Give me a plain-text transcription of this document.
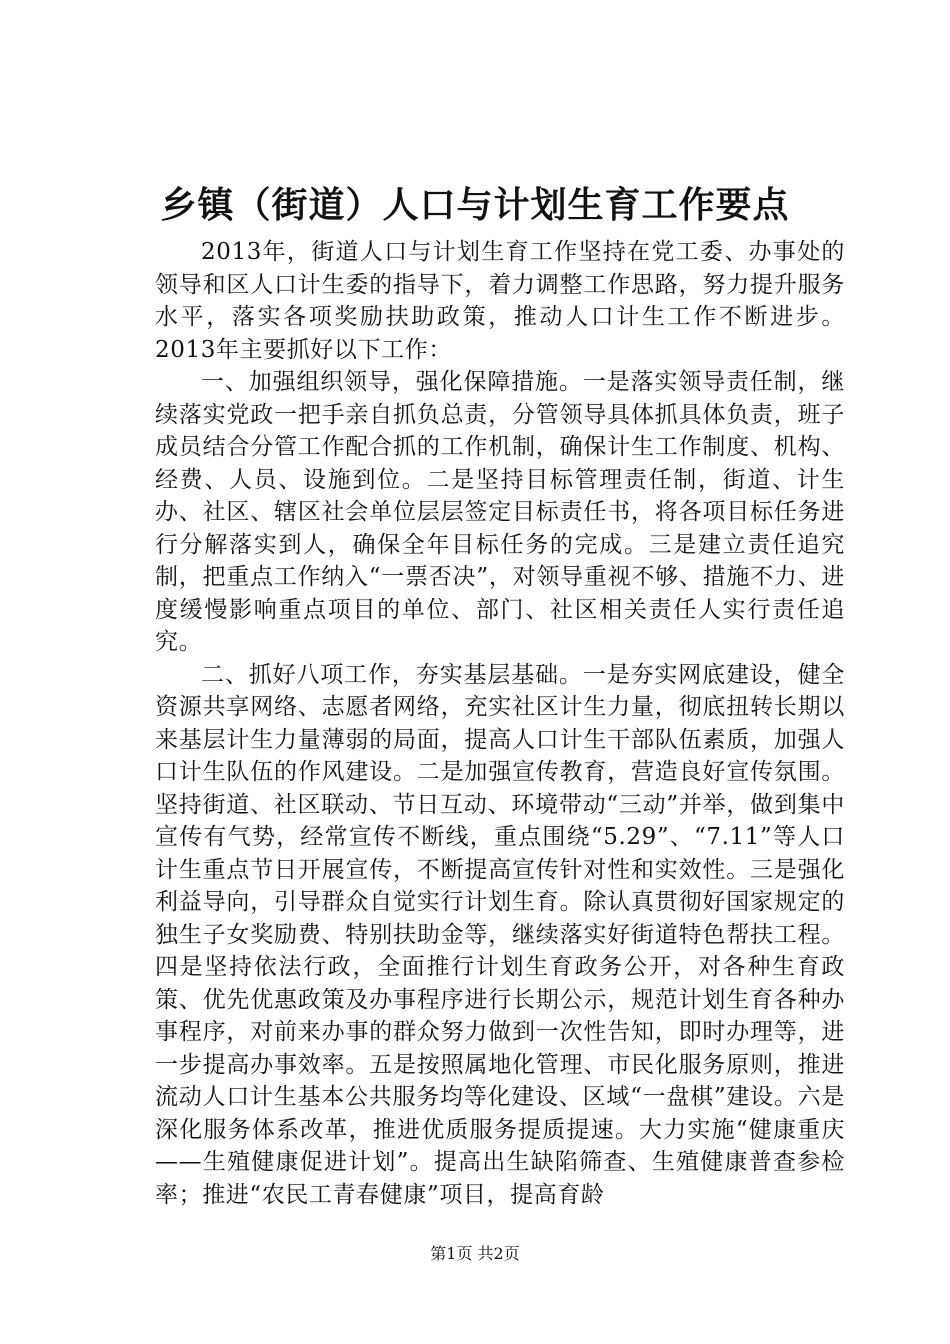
乡镇（街道）人口与计划生育工作要点

2013年，街道人口与计划生育工作坚持在党工委、办事处的领导和区人口计生委的指导下，着力调整工作思路，努力提升服务水平，落实各项奖励扶助政策，推动人口计生工作不断进步。2013年主要抓好以下工作：

一、加强组织领导，强化保障措施。一是落实领导责任制，继续落实党政一把手亲自抓负总责，分管领导具体抓具体负责，班子成员结合分管工作配合抓的工作机制，确保计生工作制度、机构、经费、人员、设施到位。二是坚持目标管理责任制，街道、计生办、社区、辖区社会单位层层签定目标责任书，将各项目标任务进行分解落实到人，确保全年目标任务的完成。三是建立责任追究制，把重点工作纳入“一票否决”，对领导重视不够、措施不力、进度缓慢影响重点项目的单位、部门、社区相关责任人实行责任追究。

二、抓好八项工作，夯实基层基础。一是夯实网底建设，健全资源共享网络、志愿者网络，充实社区计生力量，彻底扭转长期以来基层计生力量薄弱的局面，提高人口计生干部队伍素质，加强人口计生队伍的作风建设。二是加强宣传教育，营造良好宣传氛围。坚持街道、社区联动、节日互动、环境带动“三动”并举，做到集中宣传有气势，经常宣传不断线，重点围绕“5.29”、“7.11”等人口计生重点节日开展宣传，不断提高宣传针对性和实效性。三是强化利益导向，引导群众自觉实行计划生育。除认真贯彻好国家规定的独生子女奖励费、特别扶助金等，继续落实好街道特色帮扶工程。四是坚持依法行政，全面推行计划生育政务公开，对各种生育政策、优先优惠政策及办事程序进行长期公示，规范计划生育各种办事程序，对前来办事的群众努力做到一次性告知，即时办理等，进一步提高办事效率。五是按照属地化管理、市民化服务原则，推进流动人口计生基本公共服务均等化建设、区域“一盘棋”建设。六是深化服务体系改革，推进优质服务提质提速。大力实施“健康重庆——生殖健康促进计划”。提高出生缺陷筛查、生殖健康普查参检率；推进“农民工青春健康”项目，提高育龄

第1页 共2页
